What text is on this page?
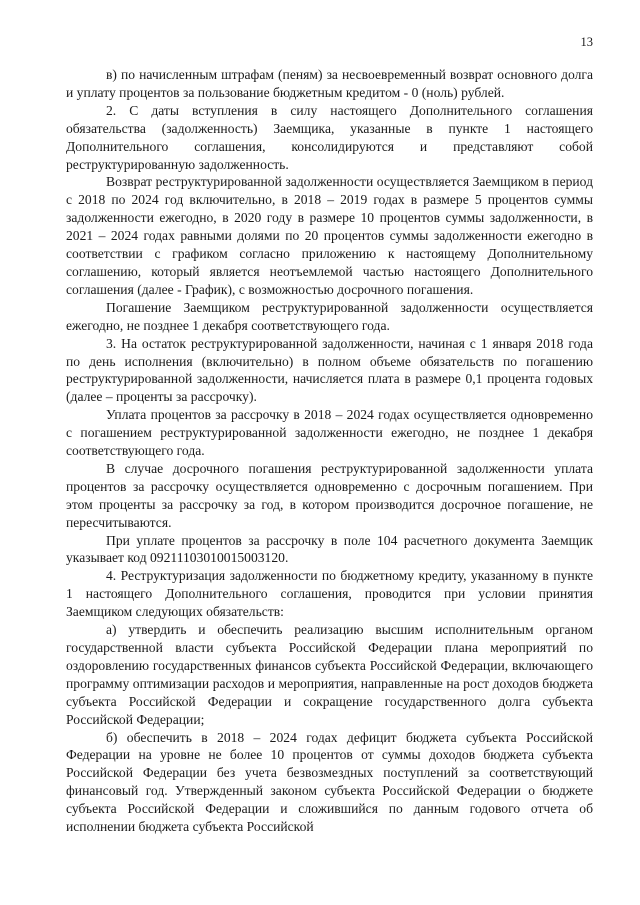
13

в) по начисленным штрафам (пеням) за несвоевременный возврат основного долга и уплату процентов за пользование бюджетным кредитом - 0 (ноль) рублей.

2. С даты вступления в силу настоящего Дополнительного соглашения обязательства (задолженность) Заемщика, указанные в пункте 1 настоящего Дополнительного соглашения, консолидируются и представляют собой реструктурированную задолженность.

Возврат реструктурированной задолженности осуществляется Заемщиком в период с 2018 по 2024 год включительно, в 2018 – 2019 годах в размере 5 процентов суммы задолженности ежегодно, в 2020 году в размере 10 процентов суммы задолженности, в 2021 – 2024 годах равными долями по 20 процентов суммы задолженности ежегодно в соответствии с графиком согласно приложению к настоящему Дополнительному соглашению, который является неотъемлемой частью настоящего Дополнительного соглашения (далее - График), с возможностью досрочного погашения.

Погашение Заемщиком реструктурированной задолженности осуществляется ежегодно, не позднее 1 декабря соответствующего года.

3. На остаток реструктурированной задолженности, начиная с 1 января 2018 года по день исполнения (включительно) в полном объеме обязательств по погашению реструктурированной задолженности, начисляется плата в размере 0,1 процента годовых (далее – проценты за рассрочку).

Уплата процентов за рассрочку в 2018 – 2024 годах осуществляется одновременно с погашением реструктурированной задолженности ежегодно, не позднее 1 декабря соответствующего года.

В случае досрочного погашения реструктурированной задолженности уплата процентов за рассрочку осуществляется одновременно с досрочным погашением. При этом проценты за рассрочку за год, в котором производится досрочное погашение, не пересчитываются.

При уплате процентов за рассрочку в поле 104 расчетного документа Заемщик указывает код 09211103010015003120.

4. Реструктуризация задолженности по бюджетному кредиту, указанному в пункте 1 настоящего Дополнительного соглашения, проводится при условии принятия Заемщиком следующих обязательств:

а) утвердить и обеспечить реализацию высшим исполнительным органом государственной власти субъекта Российской Федерации плана мероприятий по оздоровлению государственных финансов субъекта Российской Федерации, включающего программу оптимизации расходов и мероприятия, направленные на рост доходов бюджета субъекта Российской Федерации и сокращение государственного долга субъекта Российской Федерации;

б) обеспечить в 2018 – 2024 годах дефицит бюджета субъекта Российской Федерации на уровне не более 10 процентов от суммы доходов бюджета субъекта Российской Федерации без учета безвозмездных поступлений за соответствующий финансовый год. Утвержденный законом субъекта Российской Федерации о бюджете субъекта Российской Федерации и сложившийся по данным годового отчета об исполнении бюджета субъекта Российской
